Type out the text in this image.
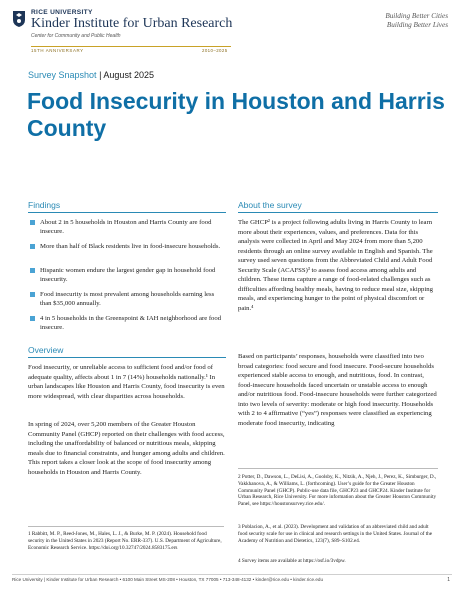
RICE UNIVERSITY
Kinder Institute for Urban Research
Center for Community and Public Health
15TH ANNIVERSARY	2010–2025
Building Better Cities
Building Better Lives
Survey Snapshot | August 2025
Food Insecurity in Houston and Harris County
Findings
About 2 in 5 households in Houston and Harris County are food insecure.
More than half of Black residents live in food-insecure households.
Hispanic women endure the largest gender gap in household food insecurity.
Food insecurity is most prevalent among households earning less than $35,000 annually.
4 in 5 households in the Greenspoint & IAH neighborhood are food insecure.
Overview
Food insecurity, or unreliable access to sufficient food and/or food of adequate quality, affects about 1 in 7 (14%) households nationally.¹ In urban landscapes like Houston and Harris County, food insecurity is even more widespread, with clear disparities across households.
In spring of 2024, over 5,200 members of the Greater Houston Community Panel (GHCP) reported on their challenges with food access, including the unaffordability of balanced or nutritious meals, skipping meals due to financial constraints, and hunger among adults and children. This report takes a closer look at the scope of food insecurity among households in Houston and Harris County.
1 Rabbitt, M. P., Reed-Jones, M., Hales, L. J., & Burke, M. P. (2024). Household food security in the United States in 2023 (Report No. ERR-337). U.S. Department of Agriculture, Economic Research Service. https://doi.org/10.32747/2024.8583175.ers
About the survey
The GHCP² is a project following adults living in Harris County to learn more about their experiences, values, and preferences. Data for this analysis were collected in April and May 2024 from more than 5,200 residents through an online survey available in English and Spanish. The survey used seven questions from the Abbreviated Child and Adult Food Security Scale (ACAFSS)³ to assess food access among adults and children. These items capture a range of food-related challenges such as difficulties affording healthy meals, having to reduce meal size, skipping meals, and experiencing hunger to the point of physical discomfort or pain.⁴
Based on participants’ responses, households were classified into two broad categories: food secure and food insecure. Food-secure households experienced stable access to enough, and nutritious, food. In contrast, food-insecure households faced uncertain or unstable access to enough and/or nutritious food. Food-insecure households were further categorized into two levels of severity: moderate or high food insecurity. Households with 2 to 4 affirmative (“yes”) responses were classified as experiencing moderate food insecurity, indicating
2 Potter, D., Dawson, L., DeLisi, A., Goolsby, K., Nitzik, A., Njeh, J., Perez, K., Simburger, D., Vakkhanova, A., & Williams, L. (forthcoming). User’s guide for the Greater Houston Community Panel (GHCP). Public-use data file, GHCP23 and GHCP24. Kinder Institute for Urban Research, Rice University. For more information about the Greater Houston Community Panel, see https://houstonsurvey.rice.edu/.
3 Poblacion, A., et al. (2023). Development and validation of an abbreviated child and adult food security scale for use in clinical and research settings in the United States. Journal of the Academy of Nutrition and Dietetics, 123(7), S89–S102.e4.
4 Survey items are available at https://osf.io/3vdpw.
Rice University | Kinder Institute for Urban Research • 6100 Main Street MS-208 • Houston, TX 77005 • 713-348-4132 • kinder@rice.edu • kinder.rice.edu	1
